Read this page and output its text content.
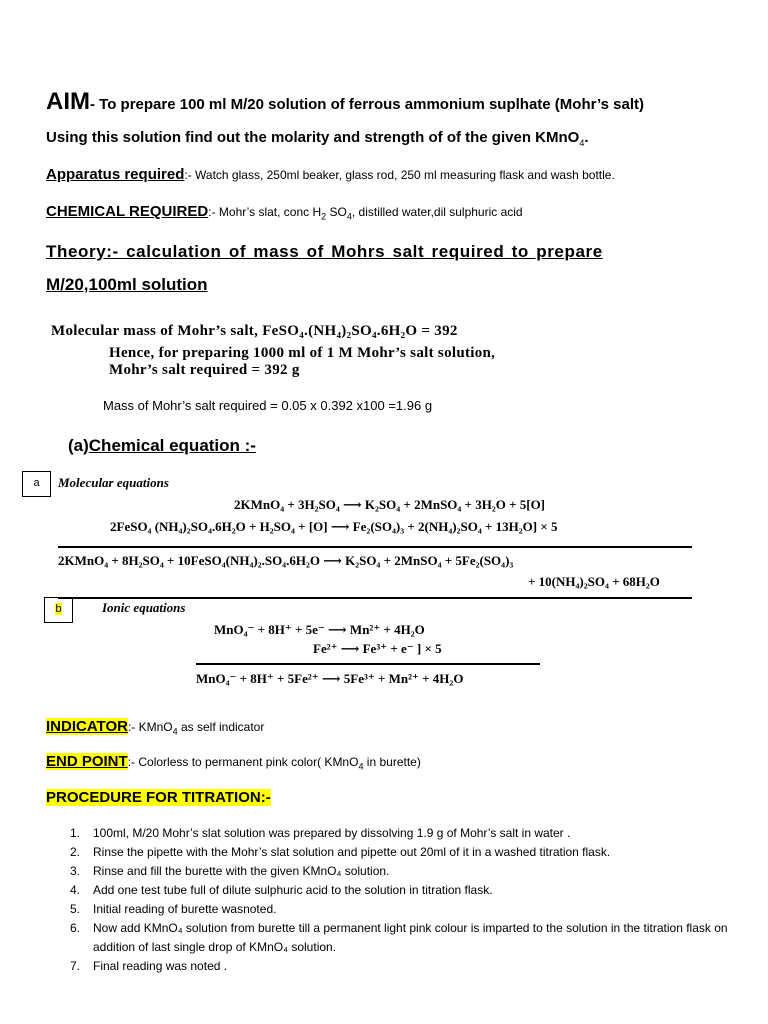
AIM- To prepare 100 ml M/20 solution of ferrous ammonium suplhate (Mohr’s salt)
Using this solution find out the molarity and strength of of the given KMnO$_4$.
Apparatus required:- Watch glass, 250ml beaker, glass rod, 250 ml measuring flask and wash bottle.
CHEMICAL REQUIRED:- Mohr’s slat, conc $H_2$ $SO_4$, distilled water,dil sulphuric acid
Theory:- calculation of mass of Mohrs salt required to prepare
M/20,100ml solution
Molecular mass of Mohr’s salt, FeSO₄.(NH₄)₂SO₄.6H₂O = 392
Hence, for preparing 1000 ml of 1 M Mohr’s salt solution,
Mohr’s salt required = 392 g
Mass of Mohr’s salt required = 0.05 x 0.392 x100 =1.96 g
(a)Chemical equation :-
a	Molecular equations
2KMnO₄ + 3H₂SO₄ ⟶ K₂SO₄ + 2MnSO₄ + 3H₂O + 5[O]
2FeSO₄ (NH₄)₂SO₄.6H₂O + H₂SO₄ + [O] ⟶ Fe₂(SO₄)₃ + 2(NH₄)₂SO₄ + 13H₂O] × 5
2KMnO₄ + 8H₂SO₄ + 10FeSO₄(NH₄)₂.SO₄.6H₂O ⟶ K₂SO₄ + 2MnSO₄ + 5Fe₂(SO₄)₃
+ 10(NH₄)₂SO₄ + 68H₂O
b	Ionic equations
MnO₄⁻ + 8H⁺ + 5e⁻ ⟶ Mn²⁺ + 4H₂O
Fe²⁺ ⟶ Fe³⁺ + e⁻ ] × 5
MnO₄⁻ + 8H⁺ + 5Fe²⁺ ⟶ 5Fe³⁺ + Mn²⁺ + 4H₂O
INDICATOR:- KMnO$_4$ as self indicator
END POINT:- Colorless to permanent pink color( KMnO$_4$ in burette)
PROCEDURE FOR TITRATION:-
1. 100ml, M/20 Mohr’s slat solution was prepared by dissolving 1.9 g of Mohr’s salt in water .
2. Rinse the pipette with the Mohr’s slat solution and pipette out 20ml of it in a washed titration flask.
3. Rinse and fill the burette with the given KMnO₄ solution.
4. Add one test tube full of dilute sulphuric acid to the solution in titration flask.
5. Initial reading of burette wasnoted.
6. Now add KMnO₄ solution from burette till a permanent light pink colour is imparted to the solution in the titration flask on addition of last single drop of KMnO₄ solution.
7. Final reading was noted .
